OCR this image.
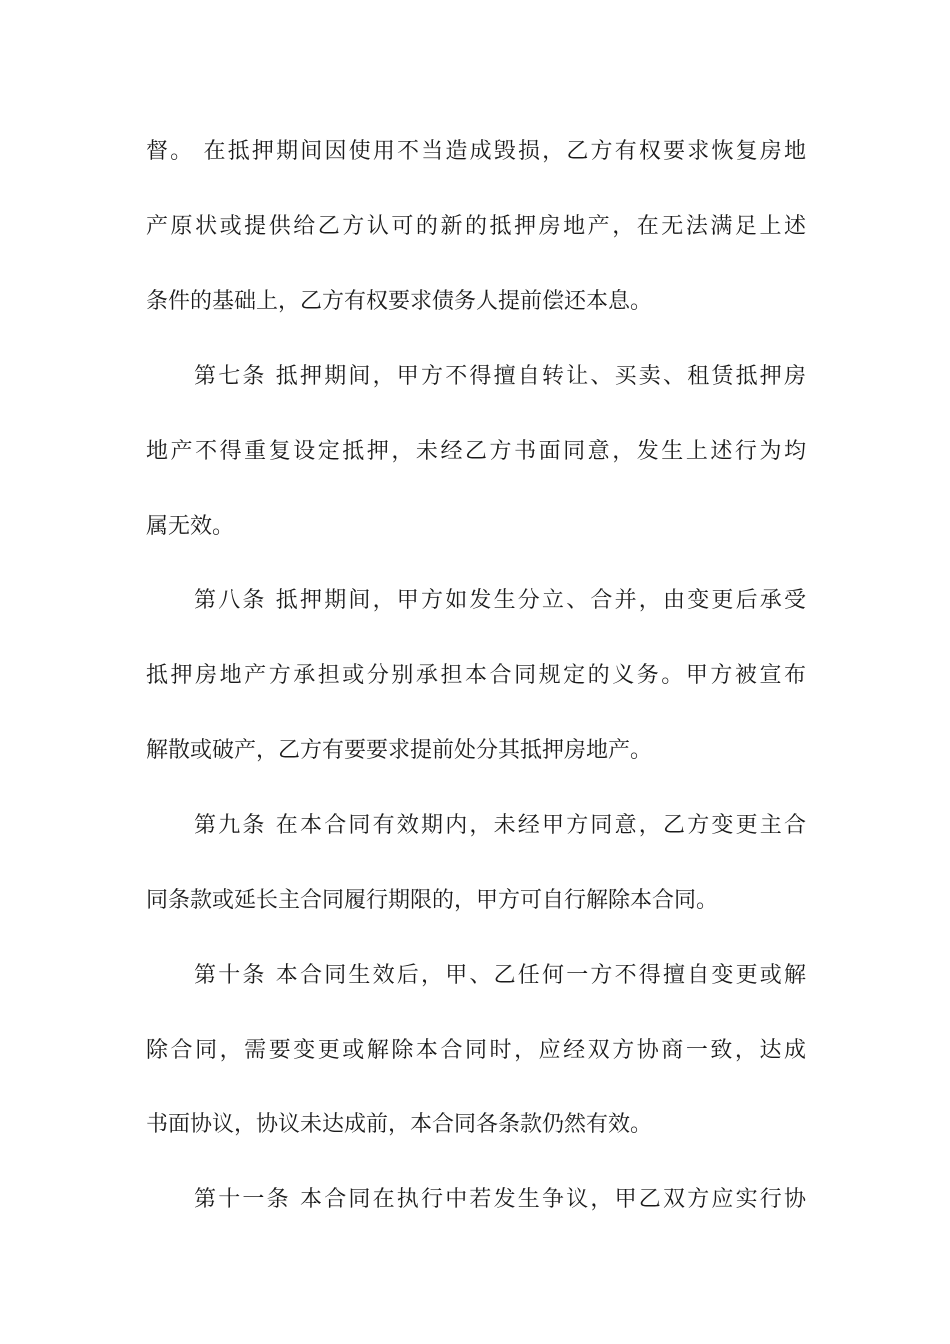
督。 在抵押期间因使用不当造成毁损，乙方有权要求恢复房地
产原状或提供给乙方认可的新的抵押房地产，在无法满足上述
条件的基础上，乙方有权要求债务人提前偿还本息。
第七条 抵押期间，甲方不得擅自转让、买卖、租赁抵押房
地产不得重复设定抵押，未经乙方书面同意，发生上述行为均
属无效。
第八条 抵押期间，甲方如发生分立、合并，由变更后承受
抵押房地产方承担或分别承担本合同规定的义务。甲方被宣布
解散或破产，乙方有要要求提前处分其抵押房地产。
第九条 在本合同有效期内，未经甲方同意，乙方变更主合
同条款或延长主合同履行期限的，甲方可自行解除本合同。
第十条 本合同生效后，甲、乙任何一方不得擅自变更或解
除合同，需要变更或解除本合同时，应经双方协商一致，达成
书面协议，协议未达成前，本合同各条款仍然有效。
第十一条 本合同在执行中若发生争议，甲乙双方应实行协
